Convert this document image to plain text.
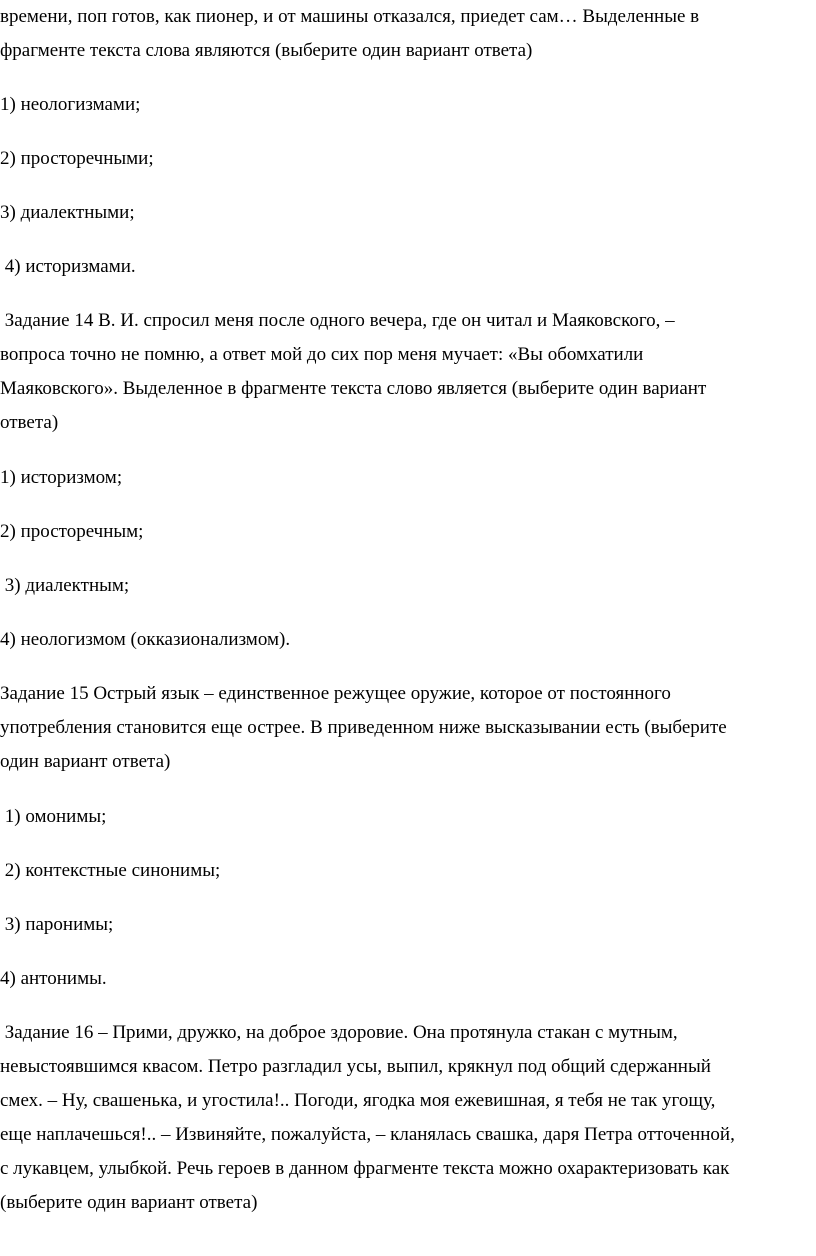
времени, поп готов, как пионер, и от машины отказался, приедет сам… Выделенные в

фрагменте текста слова являются (выберите один вариант ответа)

1) неологизмами;

2) просторечными;

3) диалектными;

4) историзмами.

Задание 14 В. И. спросил меня после одного вечера, где он читал и Маяковского, –

вопроса точно не помню, а ответ мой до сих пор меня мучает: «Вы обомхатили

Маяковского». Выделенное в фрагменте текста слово является (выберите один вариант

ответа)

1) историзмом;

2) просторечным;

3) диалектным;

4) неологизмом (окказионализмом).

Задание 15 Острый язык – единственное режущее оружие, которое от постоянного

употребления становится еще острее. В приведенном ниже высказывании есть (выберите

один вариант ответа)

1) омонимы;

2) контекстные синонимы;

3) паронимы;

4) антонимы.

Задание 16 – Прими, дружко, на доброе здоровие. Она протянула стакан с мутным,

невыстоявшимся квасом. Петро разгладил усы, выпил, крякнул под общий сдержанный

смех. – Ну, свашенька, и угостила!.. Погоди, ягодка моя ежевишная, я тебя не так угощу,

еще наплачешься!.. – Извиняйте, пожалуйста, – кланялась свашка, даря Петра отточенной,

с лукавцем, улыбкой. Речь героев в данном фрагменте текста можно охарактеризовать как

(выберите один вариант ответа)
